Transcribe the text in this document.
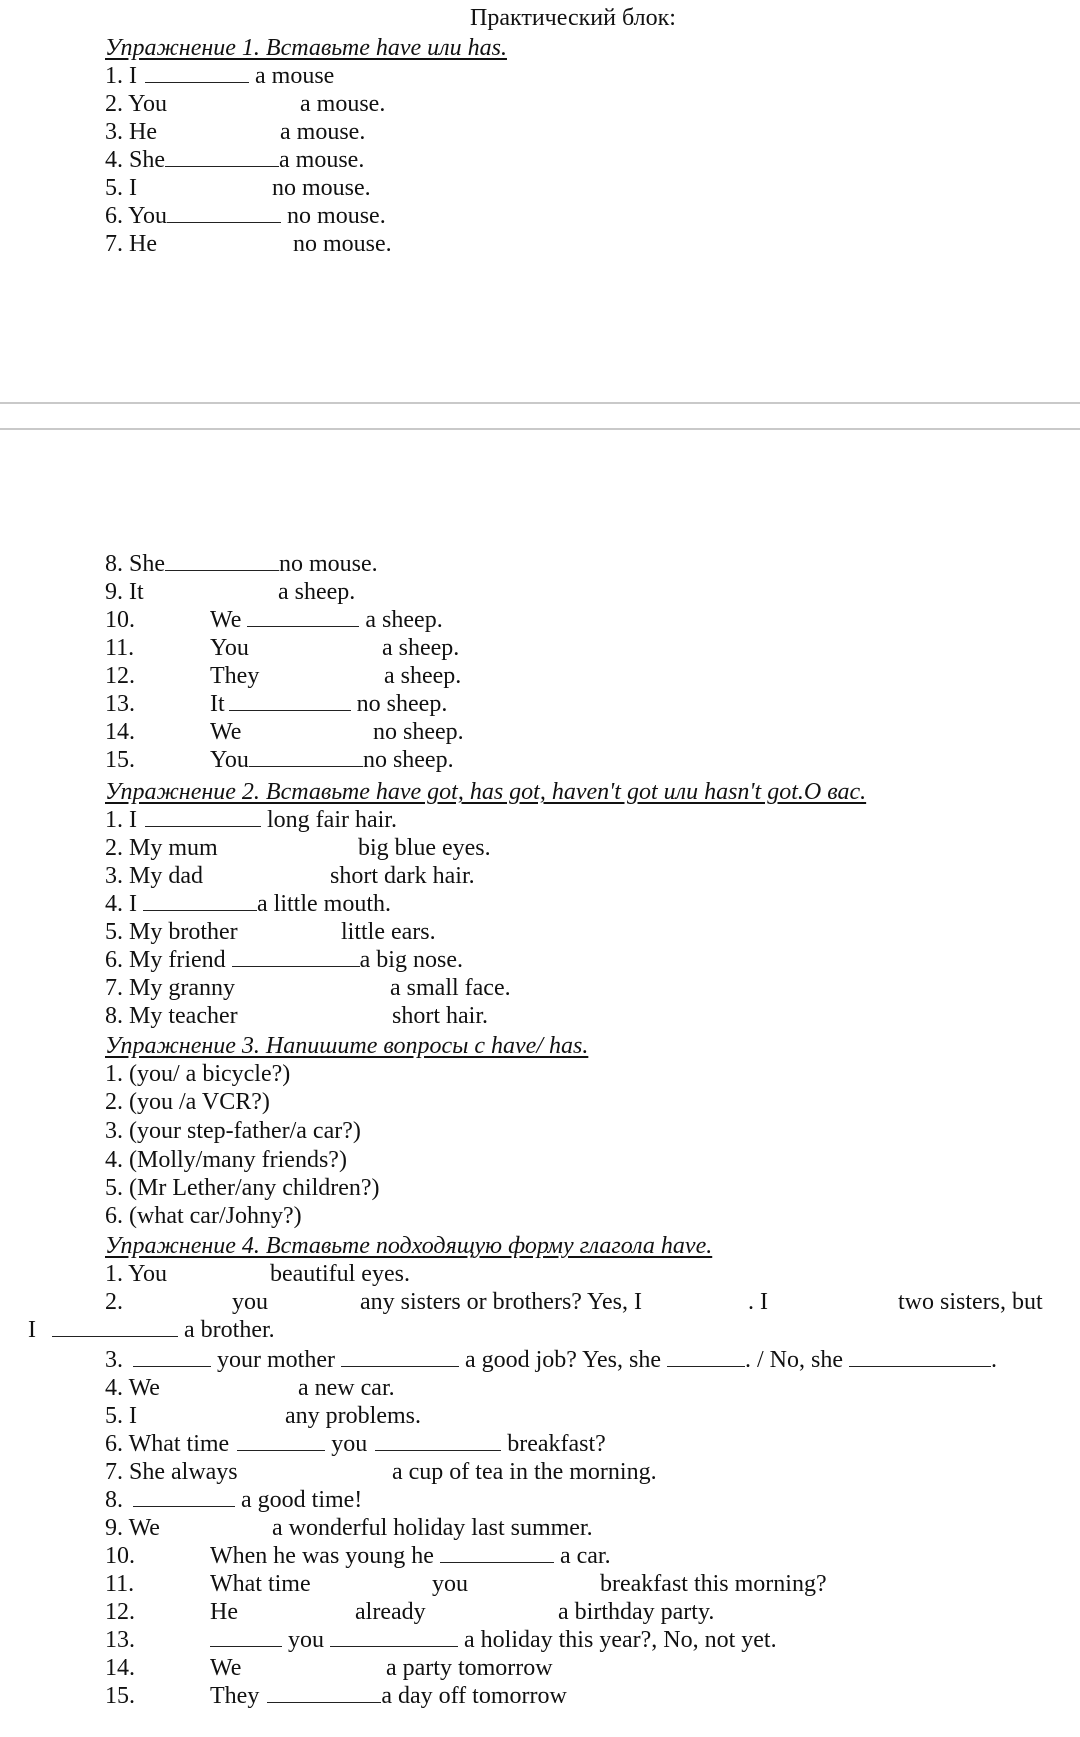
Практический блок:
Упражнение 1. Вставьте have или has.
1. I	a mouse
2. You	a mouse.
3. He	a mouse.
4. She	a mouse.
5. I	no mouse.
6. You	no mouse.
7. He	no mouse.
8. She	no mouse.
9. It	a sheep.
10.	We	a sheep.
11.	You	a sheep.
12.	They	a sheep.
13.	It	no sheep.
14.	We	no sheep.
15.	You	no sheep.
Упражнение 2. Вставьте have got, has got, haven't got или hasn't got.О вас.
1. I	long fair hair.
2. My mum	big blue eyes.
3. My dad	short dark hair.
4. I	a little mouth.
5. My brother	little ears.
6. My friend	a big nose.
7. My granny	a small face.
8. My teacher	short hair.
Упражнение 3. Напишите вопросы с have/ has.
1. (you/ a bicycle?)
2. (you /a VCR?)
3. (your step-father/a car?)
4. (Molly/many friends?)
5. (Mr Lether/any children?)
6. (what car/Johny?)
Упражнение 4. Вставьте подходящую форму глагола have.
1. You	beautiful eyes.
2.	you	any sisters or brothers? Yes, I	. I	two sisters, but
I	a brother.
3.	your mother	a good job? Yes, she	. / No, she	.
4. We	a new car.
5. I	any problems.
6. What time	you	breakfast?
7. She always	a cup of tea in the morning.
8.	a good time!
9. We	a wonderful holiday last summer.
10.	When he was young he	a car.
11.	What time	you	breakfast this morning?
12.	He	already	a birthday party.
13.	you	a holiday this year?, No, not yet.
14.	We	a party tomorrow
15.	They	a day off tomorrow
